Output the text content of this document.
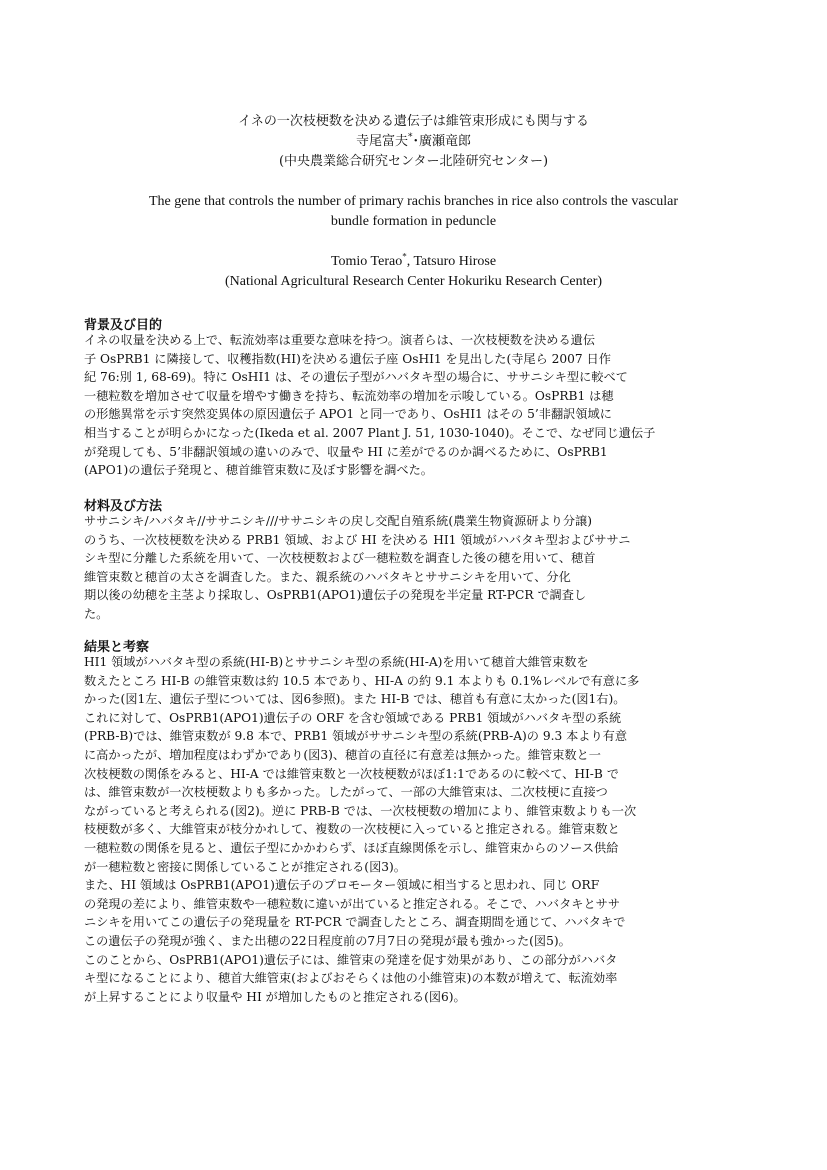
イネの一次枝梗数を決める遺伝子は維管束形成にも関与する
寺尾富夫*･廣瀬竜郎
(中央農業総合研究センター北陸研究センター)
The gene that controls the number of primary rachis branches in rice also controls the vascular
bundle formation in peduncle
Tomio Terao*, Tatsuro Hirose
(National Agricultural Research Center Hokuriku Research Center)
背景及び目的
イネの収量を決める上で、転流効率は重要な意味を持つ。演者らは、一次枝梗数を決める遺伝
子 OsPRB1 に隣接して、収穫指数(HI)を決める遺伝子座 OsHI1 を見出した(寺尾ら 2007 日作
紀 76:別 1, 68-69)。特に OsHI1 は、その遺伝子型がハバタキ型の場合に、ササニシキ型に較べて
一穂粒数を増加させて収量を増やす働きを持ち、転流効率の増加を示唆している。OsPRB1 は穂
の形態異常を示す突然変異体の原因遺伝子 APO1 と同一であり、OsHI1 はその 5’非翻訳領域に
相当することが明らかになった(Ikeda et al. 2007 Plant J. 51, 1030-1040)。そこで、なぜ同じ遺伝子
が発現しても、5’非翻訳領域の違いのみで、収量や HI に差がでるのか調べるために、OsPRB1
(APO1)の遺伝子発現と、穂首維管束数に及ぼす影響を調べた。
材料及び方法
ササニシキ/ハバタキ//ササニシキ///ササニシキの戻し交配自殖系統(農業生物資源研より分譲)
のうち、一次枝梗数を決める PRB1 領域、および HI を決める HI1 領域がハバタキ型およびササニ
シキ型に分離した系統を用いて、一次枝梗数および一穂粒数を調査した後の穂を用いて、穂首
維管束数と穂首の太さを調査した。また、親系統のハバタキとササニシキを用いて、分化
期以後の幼穂を主茎より採取し、OsPRB1(APO1)遺伝子の発現を半定量 RT-PCR で調査し
た。
結果と考察
HI1 領域がハバタキ型の系統(HI-B)とササニシキ型の系統(HI-A)を用いて穂首大維管束数を
数えたところ HI-B の維管束数は約 10.5 本であり、HI-A の約 9.1 本よりも 0.1%レベルで有意に多
かった(図1左、遺伝子型については、図6参照)。また HI-B では、穂首も有意に太かった(図1右)。
これに対して、OsPRB1(APO1)遺伝子の ORF を含む領域である PRB1 領域がハバタキ型の系統
(PRB-B)では、維管束数が 9.8 本で、PRB1 領域がササニシキ型の系統(PRB-A)の 9.3 本より有意
に高かったが、増加程度はわずかであり(図3)、穂首の直径に有意差は無かった。維管束数と一
次枝梗数の関係をみると、HI-A では維管束数と一次枝梗数がほぼ1:1であるのに較べて、HI-B で
は、維管束数が一次枝梗数よりも多かった。したがって、一部の大維管束は、二次枝梗に直接つ
ながっていると考えられる(図2)。逆に PRB-B では、一次枝梗数の増加により、維管束数よりも一次
枝梗数が多く、大維管束が枝分かれして、複数の一次枝梗に入っていると推定される。維管束数と
一穂粒数の関係を見ると、遺伝子型にかかわらず、ほぼ直線関係を示し、維管束からのソース供給
が一穂粒数と密接に関係していることが推定される(図3)。
また、HI 領域は OsPRB1(APO1)遺伝子のプロモーター領域に相当すると思われ、同じ ORF
の発現の差により、維管束数や一穂粒数に違いが出ていると推定される。そこで、ハバタキとササ
ニシキを用いてこの遺伝子の発現量を RT-PCR で調査したところ、調査期間を通じて、ハバタキで
この遺伝子の発現が強く、また出穂の22日程度前の7月7日の発現が最も強かった(図5)。
このことから、OsPRB1(APO1)遺伝子には、維管束の発達を促す効果があり、この部分がハバタ
キ型になることにより、穂首大維管束(およびおそらくは他の小維管束)の本数が増えて、転流効率
が上昇することにより収量や HI が増加したものと推定される(図6)。
